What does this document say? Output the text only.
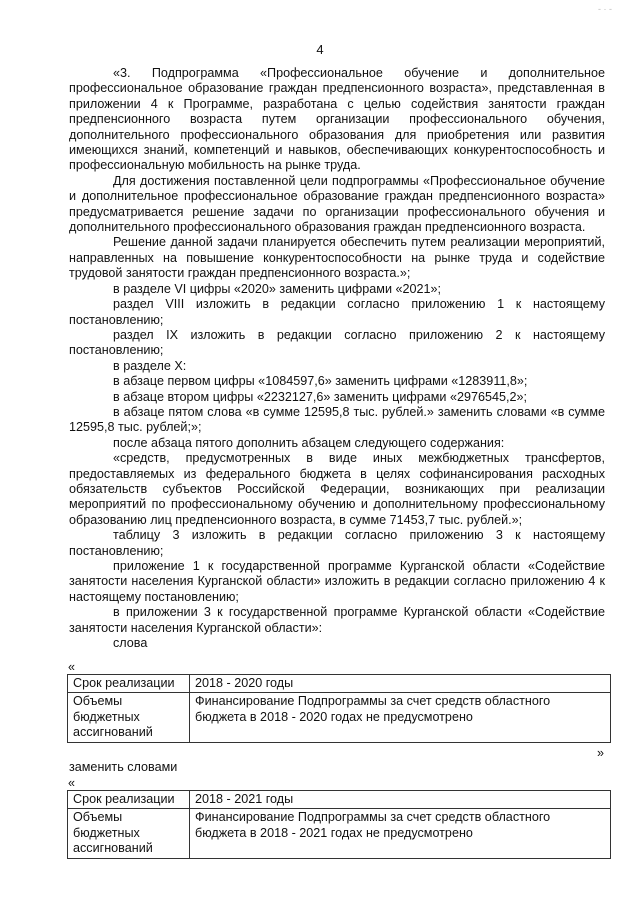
- · -
4

«3. Подпрограмма «Профессиональное обучение и дополнительное профессиональное образование граждан предпенсионного возраста», представленная в приложении 4 к Программе, разработана с целью содействия занятости граждан предпенсионного возраста путем организации профессионального обучения, дополнительного профессионального образования для приобретения или развития имеющихся знаний, компетенций и навыков, обеспечивающих конкурентоспособность и профессиональную мобильность на рынке труда.

Для достижения поставленной цели подпрограммы «Профессиональное обучение и дополнительное профессиональное образование граждан предпенсионного возраста» предусматривается решение задачи по организации профессионального обучения и дополнительного профессионального образования граждан предпенсионного возраста.

Решение данной задачи планируется обеспечить путем реализации мероприятий, направленных на повышение конкурентоспособности на рынке труда и содействие трудовой занятости граждан предпенсионного возраста.»;

в разделе VI цифры «2020» заменить цифрами «2021»;

раздел VIII изложить в редакции согласно приложению 1 к настоящему постановлению;

раздел IX изложить в редакции согласно приложению 2 к настоящему постановлению;

в разделе X:

в абзаце первом цифры «1084597,6» заменить цифрами «1283911,8»;

в абзаце втором цифры «2232127,6» заменить цифрами «2976545,2»;

в абзаце пятом слова «в сумме 12595,8 тыс. рублей.» заменить словами «в сумме 12595,8 тыс. рублей;»;

после абзаца пятого дополнить абзацем следующего содержания:

«средств, предусмотренных в виде иных межбюджетных трансфертов, предоставляемых из федерального бюджета в целях софинансирования расходных обязательств субъектов Российской Федерации, возникающих при реализации мероприятий по профессиональному обучению и дополнительному профессиональному образованию лиц предпенсионного возраста, в сумме 71453,7 тыс. рублей.»;

таблицу 3 изложить в редакции согласно приложению 3 к настоящему постановлению;

приложение 1 к государственной программе Курганской области «Содействие занятости населения Курганской области» изложить в редакции согласно приложению 4 к настоящему постановлению;

в приложении 3 к государственной программе Курганской области «Содействие занятости населения Курганской области»:

слова

«
Срок реализации	2018 - 2020 годы
Объемы бюджетных ассигнований	Финансирование Подпрограммы за счет средств областного бюджета в 2018 - 2020 годах не предусмотрено
»
заменить словами
«
Срок реализации	2018 - 2021 годы
Объемы бюджетных ассигнований	Финансирование Подпрограммы за счет средств областного бюджета в 2018 - 2021 годах не предусмотрено
